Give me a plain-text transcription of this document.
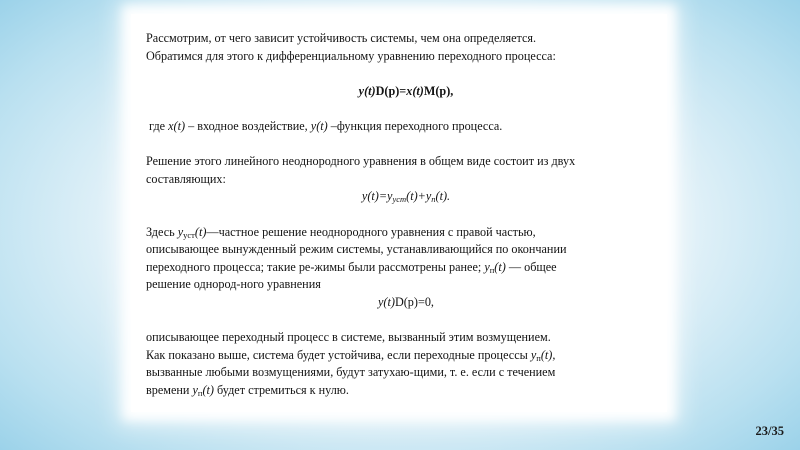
Рассмотрим, от чего зависит устойчивость системы, чем она определяется.

Обратимся для этого к дифференциальному уравнению переходного процесса:

y(t)D(p)=x(t)M(p),

где x(t) – входное воздействие, y(t) –функция переходного процесса.

Решение этого линейного неоднородного уравнения в общем виде состоит из двух

составляющих:

$y(t)=y_{уст}(t)+y_п(t)$.

Здесь $y_{уст}(t)—частное$ решение неоднородного уравнения с правой частью,

описывающее вынужденный режим системы, устанавливающийся по окончании

переходного процесса; такие ре-жимы были рассмотрены ранее; $y_п(t)$ — общее

решение однород-ного уравнения

y(t)D(p)=0,

описывающее переходный процесс в системе, вызванный этим возмущением.

Как показано выше, система будет устойчива, если переходные процессы $y_п(t)$,

вызванные любыми возмущениями, будут затухаю-щими, т. е. если с течением

времени $y_п(t)$ будет стремиться к нулю.

23/35
